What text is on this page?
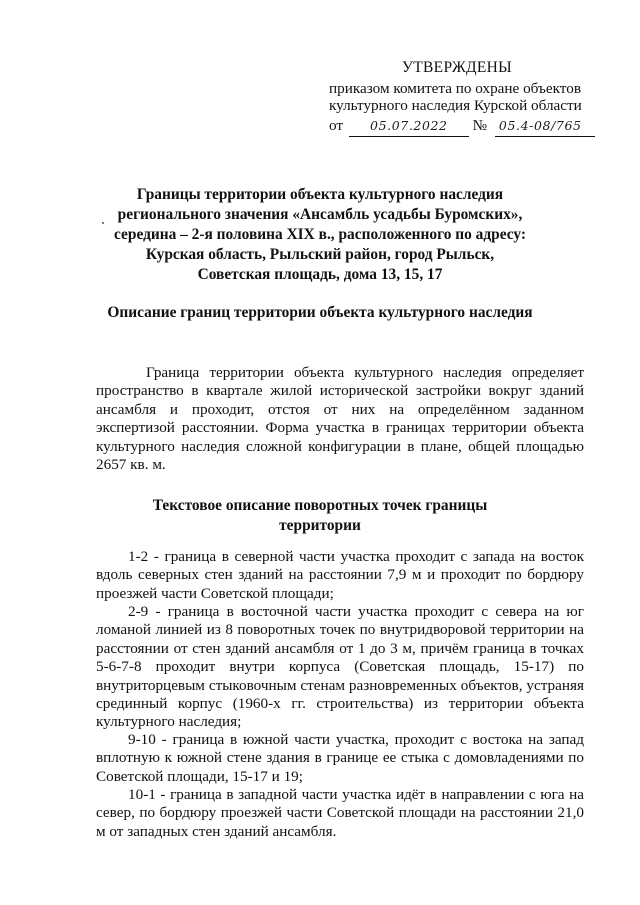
УТВЕРЖДЕНЫ
приказом комитета по охране объектов
культурного наследия Курской области
от 05.07.2022 № 05.4-08/765
Границы территории объекта культурного наследия
регионального значения «Ансамбль усадьбы Буромских»,
середина – 2-я половина XIX в., расположенного по адресу:
Курская область, Рыльский район, город Рыльск,
Советская площадь, дома 13, 15, 17
Описание границ территории объекта культурного наследия

Граница территории объекта культурного наследия определяет пространство в квартале жилой исторической застройки вокруг зданий ансамбля и проходит, отстоя от них на определённом заданном экспертизой расстоянии. Форма участка в границах территории объекта культурного наследия сложной конфигурации в плане, общей площадью 2657 кв. м.

Текстовое описание поворотных точек границы
территории

1-2 - граница в северной части участка проходит с запада на восток вдоль северных стен зданий на расстоянии 7,9 м и проходит по бордюру проезжей части Советской площади;

2-9 - граница в восточной части участка проходит с севера на юг ломаной линией из 8 поворотных точек по внутридворовой территории на расстоянии от стен зданий ансамбля от 1 до 3 м, причём граница в точках 5-6-7-8 проходит внутри корпуса (Советская площадь, 15-17) по внутриторцевым стыковочным стенам разновременных объектов, устраняя срединный корпус (1960-х гг. строительства) из территории объекта культурного наследия;

9-10 - граница в южной части участка, проходит с востока на запад вплотную к южной стене здания в границе ее стыка с домовладениями по Советской площади, 15-17 и 19;

10-1 - граница в западной части участка идёт в направлении с юга на север, по бордюру проезжей части Советской площади на расстоянии 21,0 м от западных стен зданий ансамбля.
